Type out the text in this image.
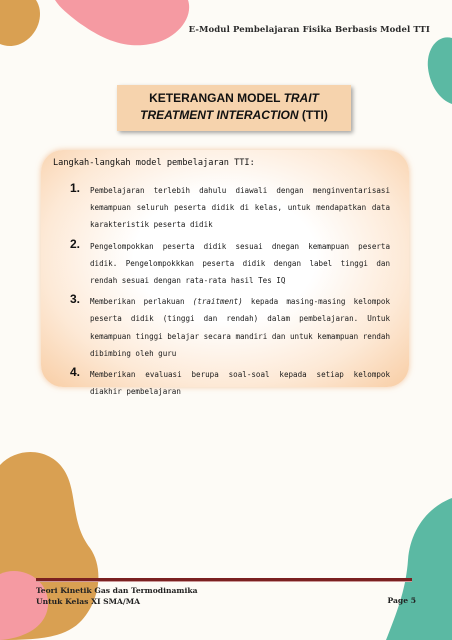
E-Modul Pembelajaran Fisika Berbasis Model TTI
KETERANGAN MODEL TRAIT
TREATMENT INTERACTION (TTI)
Langkah-langkah model pembelajaran TTI:
1. Pembelajaran terlebih dahulu diawali dengan menginventarisasi kemampuan seluruh peserta didik di kelas, untuk mendapatkan data karakteristik peserta didik
2. Pengelompokkan peserta didik sesuai dnegan kemampuan peserta didik. Pengelompokkkan peserta didik dengan label tinggi dan rendah sesuai dengan rata-rata hasil Tes IQ
3. Memberikan perlakuan (traitment) kepada masing-masing kelompok peserta didik (tinggi dan rendah) dalam pembelajaran. Untuk kemampuan tinggi belajar secara mandiri dan untuk kemampuan rendah dibimbing oleh guru
4. Memberikan evaluasi berupa soal-soal kepada setiap kelompok diakhir pembelajaran
Teori Kinetik Gas dan Termodinamika
Untuk Kelas XI SMA/MA	Page 5
